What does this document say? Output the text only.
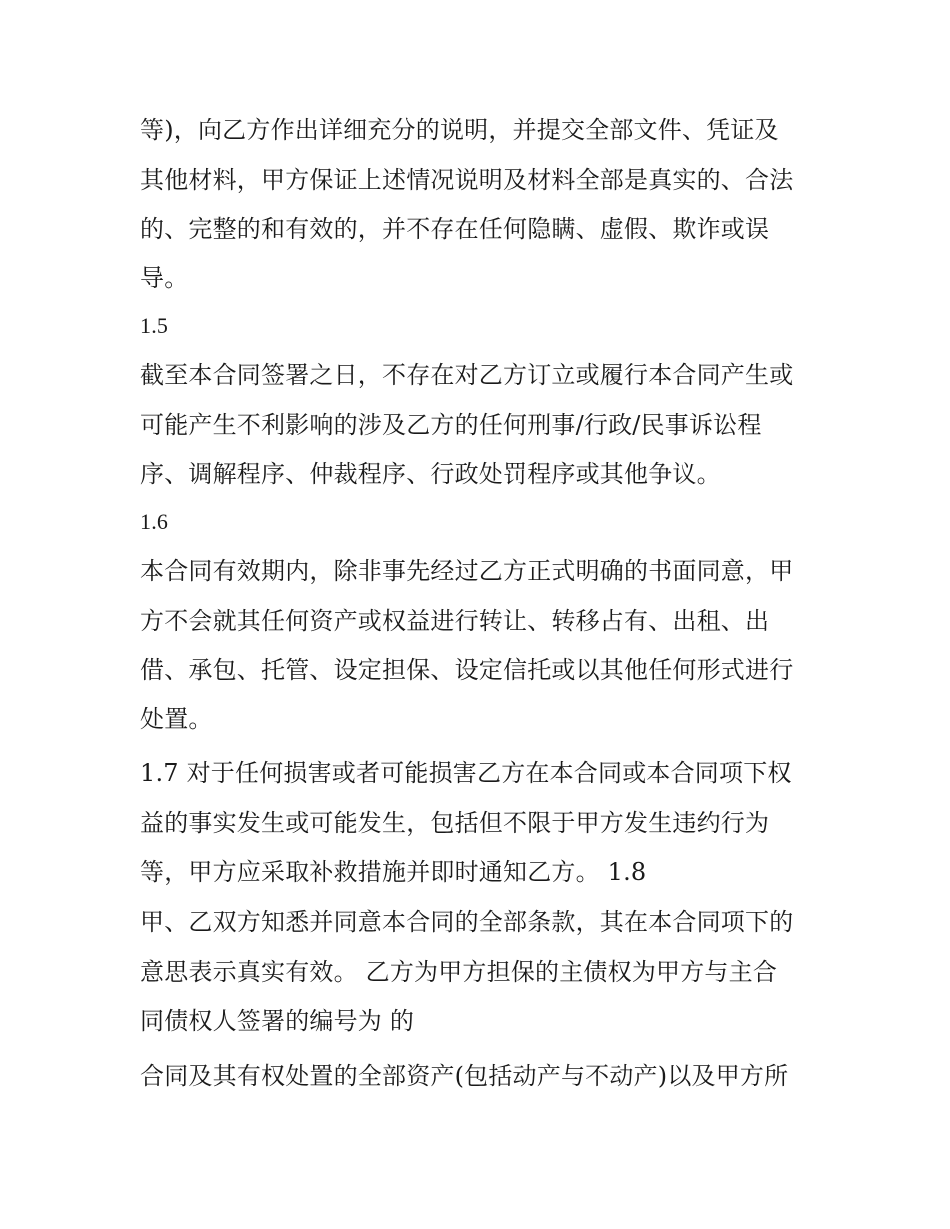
等)，向乙方作出详细充分的说明，并提交全部文件、凭证及

其他材料，甲方保证上述情况说明及材料全部是真实的、合法

的、完整的和有效的，并不存在任何隐瞒、虚假、欺诈或误

导。

1.5

截至本合同签署之日，不存在对乙方订立或履行本合同产生或

可能产生不利影响的涉及乙方的任何刑事/行政/民事诉讼程

序、调解程序、仲裁程序、行政处罚程序或其他争议。

1.6

本合同有效期内，除非事先经过乙方正式明确的书面同意，甲

方不会就其任何资产或权益进行转让、转移占有、出租、出

借、承包、托管、设定担保、设定信托或以其他任何形式进行

处置。

1.7 对于任何损害或者可能损害乙方在本合同或本合同项下权

益的事实发生或可能发生，包括但不限于甲方发生违约行为

等，甲方应采取补救措施并即时通知乙方。 1.8

甲、乙双方知悉并同意本合同的全部条款，其在本合同项下的

意思表示真实有效。 乙方为甲方担保的主债权为甲方与主合

同债权人签署的编号为 的

合同及其有权处置的全部资产(包括动产与不动产)以及甲方所
